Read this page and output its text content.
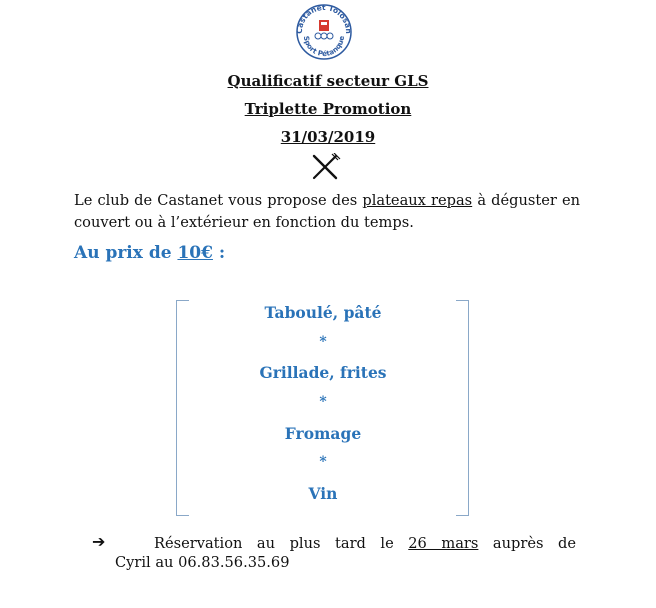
Castanet Tolosan
Sport Pétanque
Qualificatif secteur GLS
Triplette Promotion
31/03/2019
Le club de Castanet vous propose des plateaux repas à déguster en couvert ou à l’extérieur en fonction du temps.
Au prix de 10€ :
Taboulé, pâté
*
Grillade, frites
*
Fromage
*
Vin
➔	Réservation au plus tard le 26 mars auprès de
Cyril au 06.83.56.35.69
